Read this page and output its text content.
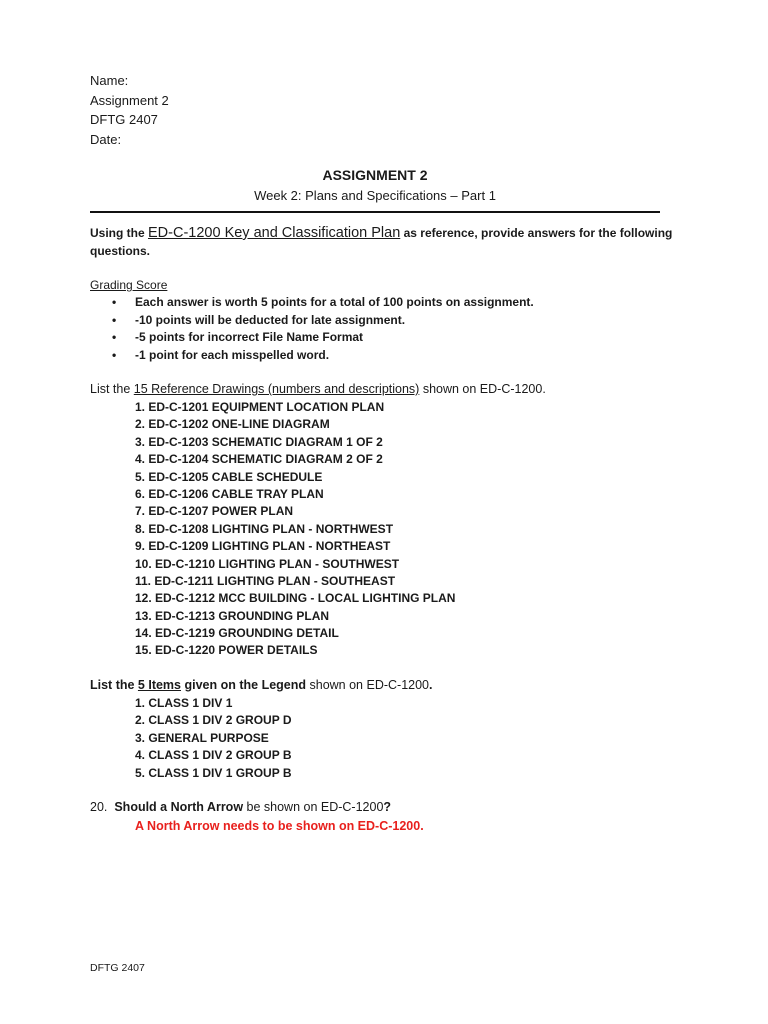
Name:
Assignment 2
DFTG 2407
Date:
ASSIGNMENT 2
Week 2: Plans and Specifications – Part 1
Using the ED-C-1200 Key and Classification Plan as reference, provide answers for the following questions.
Grading Score
•	Each answer is worth 5 points for a total of 100 points on assignment.
•	-10 points will be deducted for late assignment.
•	-5 points for incorrect File Name Format
•	-1 point for each misspelled word.
List the 15 Reference Drawings (numbers and descriptions) shown on ED-C-1200.
1. ED-C-1201 EQUIPMENT LOCATION PLAN
2. ED-C-1202 ONE-LINE DIAGRAM
3. ED-C-1203 SCHEMATIC DIAGRAM 1 OF 2
4. ED-C-1204 SCHEMATIC DIAGRAM 2 OF 2
5. ED-C-1205 CABLE SCHEDULE
6. ED-C-1206 CABLE TRAY PLAN
7. ED-C-1207 POWER PLAN
8. ED-C-1208 LIGHTING PLAN - NORTHWEST
9. ED-C-1209 LIGHTING PLAN - NORTHEAST
10. ED-C-1210 LIGHTING PLAN - SOUTHWEST
11. ED-C-1211 LIGHTING PLAN - SOUTHEAST
12. ED-C-1212 MCC BUILDING - LOCAL LIGHTING PLAN
13. ED-C-1213 GROUNDING PLAN
14. ED-C-1219 GROUNDING DETAIL
15. ED-C-1220 POWER DETAILS
List the 5 Items given on the Legend shown on ED-C-1200.
1. CLASS 1 DIV 1
2. CLASS 1 DIV 2 GROUP D
3. GENERAL PURPOSE
4. CLASS 1 DIV 2 GROUP B
5. CLASS 1 DIV 1 GROUP B
20. Should a North Arrow be shown on ED-C-1200?
A North Arrow needs to be shown on ED-C-1200.
DFTG 2407
